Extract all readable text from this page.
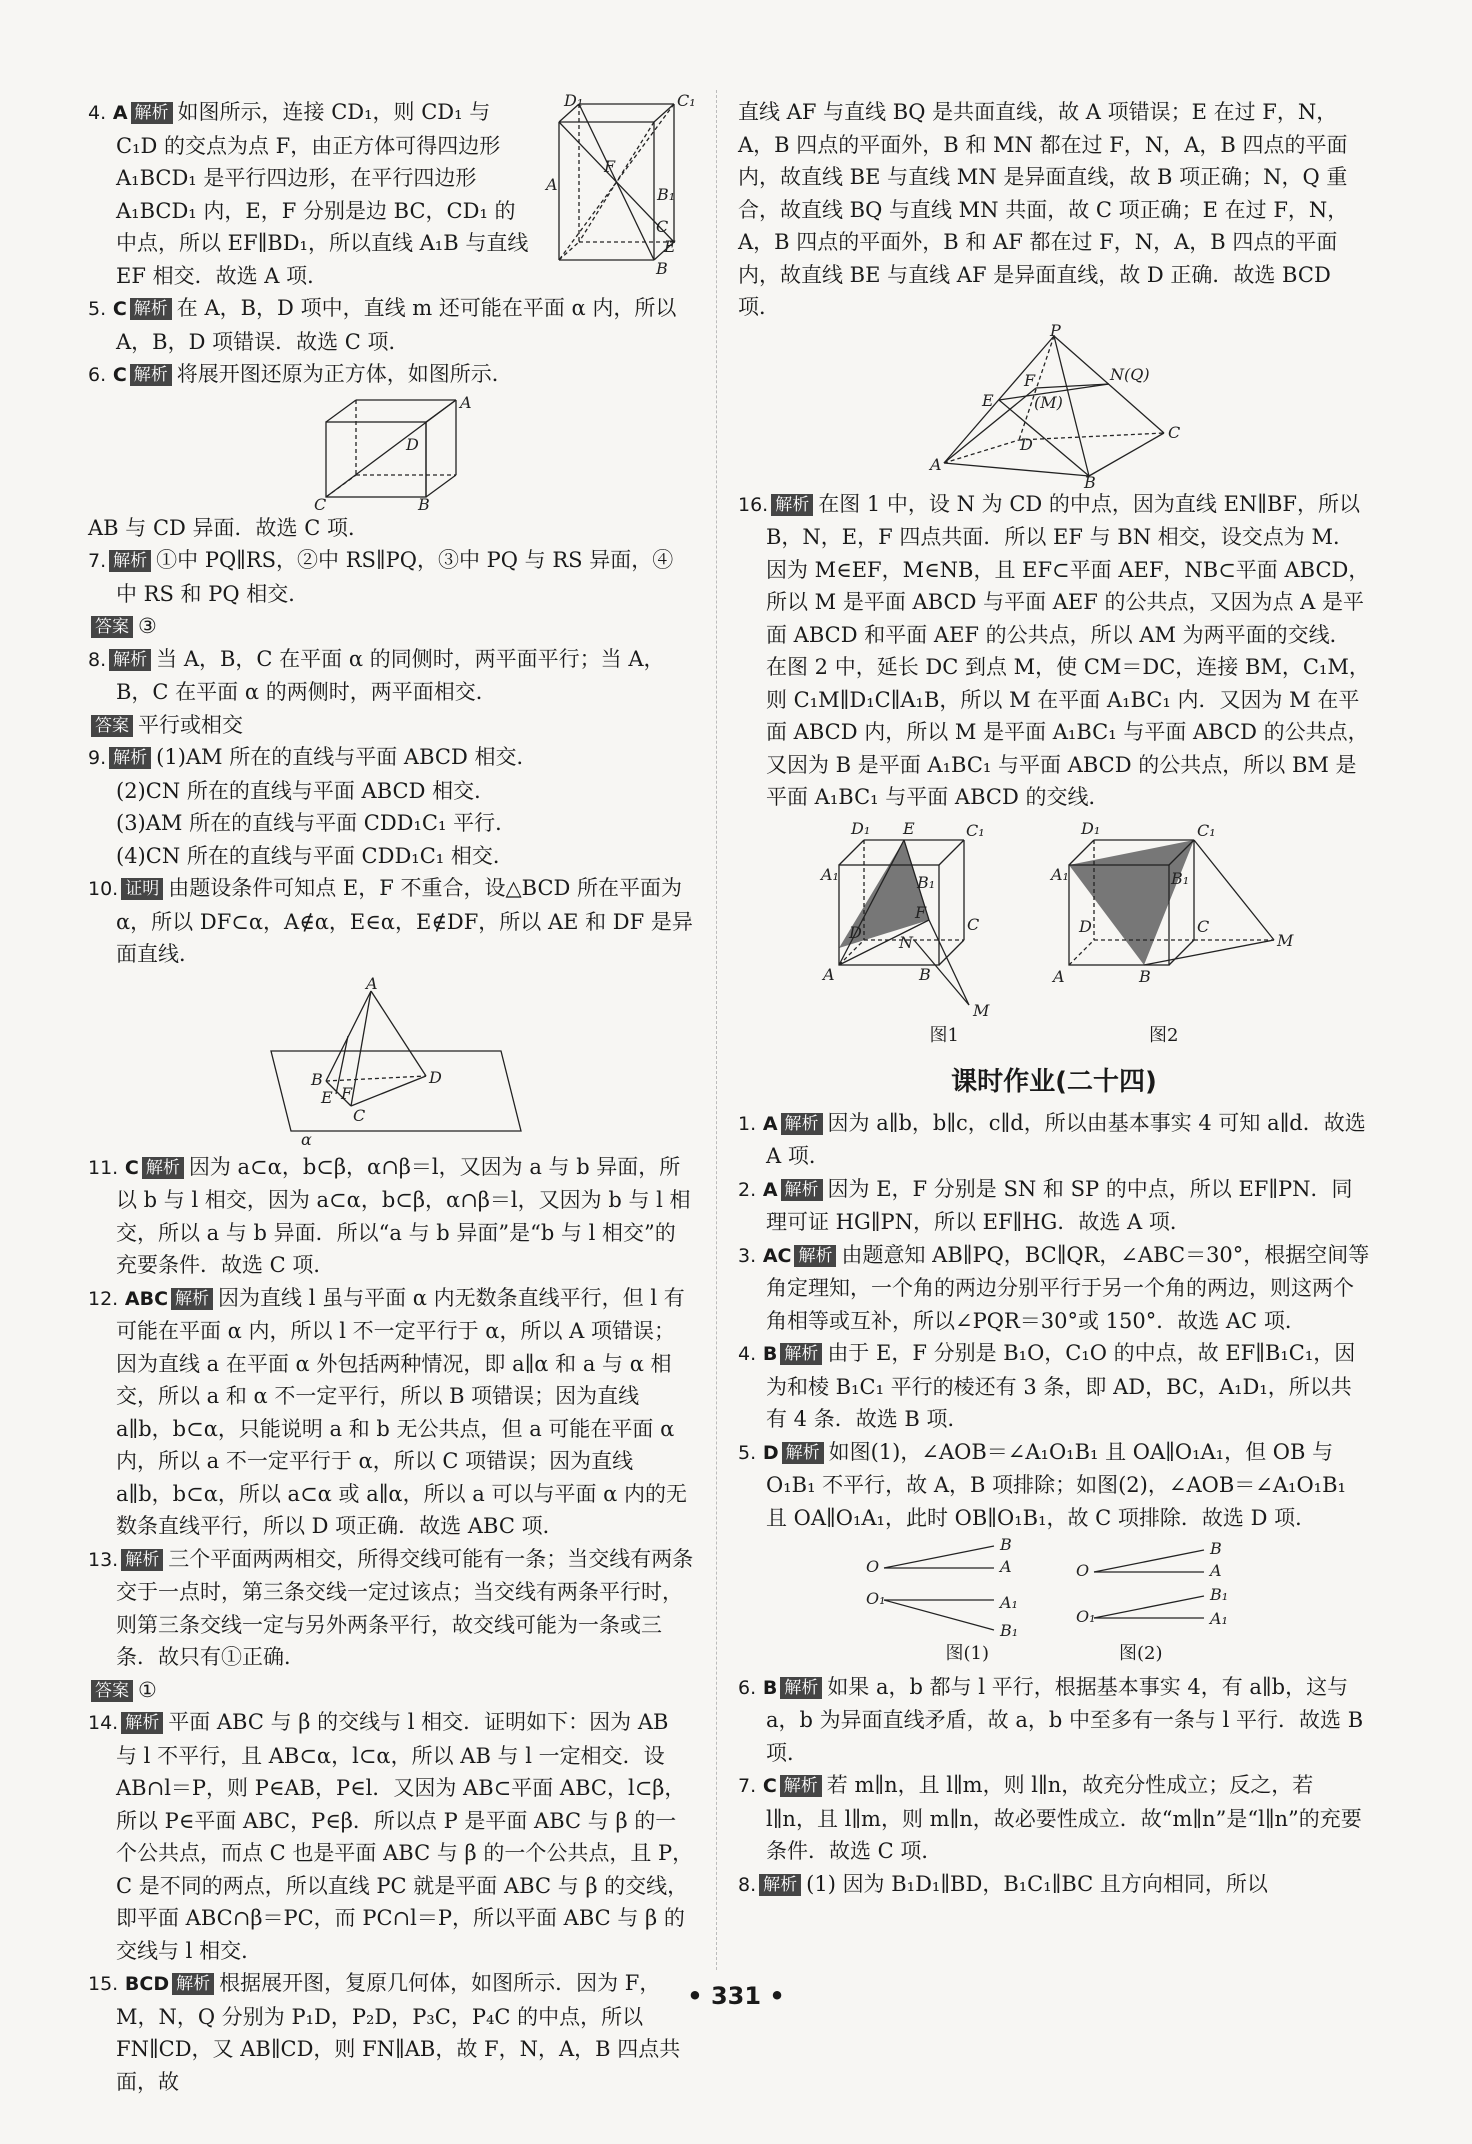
4. A 解析 如图所示，连接 CD₁，则 CD₁ 与 C₁D 的交点为点 F，由正方体可得四边形 A₁BCD₁ 是平行四边形，在平行四边形 A₁BCD₁ 内，E，F 分别是边 BC，CD₁ 的中点，所以 EF∥BD₁，所以直线 A₁B 与直线 EF 相交．故选 A 项．

D₁	C₁
A
B₁
F
C
B
E

5. C 解析 在 A，B，D 项中，直线 m 还可能在平面 α 内，所以 A，B，D 项错误．故选 C 项．

6. C 解析 将展开图还原为正方体，如图所示．

A
D
C	B

AB 与 CD 异面．故选 C 项．

7. 解析 ①中 PQ∥RS，②中 RS∥PQ，③中 PQ 与 RS 异面，④中 RS 和 PQ 相交．

答案 ③

8. 解析 当 A，B，C 在平面 α 的同侧时，两平面平行；当 A，B，C 在平面 α 的两侧时，两平面相交．

答案 平行或相交

9. 解析 (1)AM 所在的直线与平面 ABCD 相交．
(2)CN 所在的直线与平面 ABCD 相交．
(3)AM 所在的直线与平面 CDD₁C₁ 平行．
(4)CN 所在的直线与平面 CDD₁C₁ 相交．

10. 证明 由题设条件可知点 E，F 不重合，设△BCD 所在平面为 α，所以 DF⊂α，A∉α，E∈α，E∉DF，所以 AE 和 DF 是异面直线．

A
B	D
C
E F
α

11. C 解析 因为 a⊂α，b⊂β，α∩β＝l，又因为 a 与 b 异面，所以 b 与 l 相交，因为 a⊂α，b⊂β，α∩β＝l，又因为 b 与 l 相交，所以 a 与 b 异面．所以“a 与 b 异面”是“b 与 l 相交”的充要条件．故选 C 项．

12. ABC 解析 因为直线 l 虽与平面 α 内无数条直线平行，但 l 有可能在平面 α 内，所以 l 不一定平行于 α，所以 A 项错误；因为直线 a 在平面 α 外包括两种情况，即 a∥α 和 a 与 α 相交，所以 a 和 α 不一定平行，所以 B 项错误；因为直线 a∥b，b⊂α，只能说明 a 和 b 无公共点，但 a 可能在平面 α 内，所以 a 不一定平行于 α，所以 C 项错误；因为直线 a∥b，b⊂α，所以 a⊂α 或 a∥α，所以 a 可以与平面 α 内的无数条直线平行，所以 D 项正确．故选 ABC 项．

13. 解析 三个平面两两相交，所得交线可能有一条；当交线有两条交于一点时，第三条交线一定过该点；当交线有两条平行时，则第三条交线一定与另外两条平行，故交线可能为一条或三条．故只有①正确．

答案 ①

14. 解析 平面 ABC 与 β 的交线与 l 相交．证明如下：因为 AB 与 l 不平行，且 AB⊂α，l⊂α，所以 AB 与 l 一定相交．设 AB∩l＝P，则 P∈AB，P∈l．又因为 AB⊂平面 ABC，l⊂β，所以 P∈平面 ABC，P∈β．所以点 P 是平面 ABC 与 β 的一个公共点，而点 C 也是平面 ABC 与 β 的一个公共点，且 P，C 是不同的两点，所以直线 PC 就是平面 ABC 与 β 的交线，即平面 ABC∩β＝PC，而 PC∩l＝P，所以平面 ABC 与 β 的交线与 l 相交．

15. BCD 解析 根据展开图，复原几何体，如图所示．因为 F，M，N，Q 分别为 P₁D，P₂D，P₃C，P₄C 的中点，所以 FN∥CD，又 AB∥CD，则 FN∥AB，故 F，N，A，B 四点共面，故

直线 AF 与直线 BQ 是共面直线，故 A 项错误；E 在过 F，N，A，B 四点的平面外，B 和 MN 都在过 F，N，A，B 四点的平面内，故直线 BE 与直线 MN 是异面直线，故 B 项正确；N，Q 重合，故直线 BQ 与直线 MN 共面，故 C 项正确；E 在过 F，N，A，B 四点的平面外，B 和 AF 都在过 F，N，A，B 四点的平面内，故直线 BE 与直线 AF 是异面直线，故 D 正确．故选 BCD 项．

P
F	N(Q)
(M)
E
D
C
A
B

16. 解析 在图 1 中，设 N 为 CD 的中点，因为直线 EN∥BF，所以 B，N，E，F 四点共面．所以 EF 与 BN 相交，设交点为 M．因为 M∈EF，M∈NB，且 EF⊂平面 AEF，NB⊂平面 ABCD，所以 M 是平面 ABCD 与平面 AEF 的公共点，又因为点 A 是平面 ABCD 和平面 AEF 的公共点，所以 AM 为两平面的交线．
在图 2 中，延长 DC 到点 M，使 CM＝DC，连接 BM，C₁M，则 C₁M∥D₁C∥A₁B，所以 M 在平面 A₁BC₁ 内．又因为 M 在平面 ABCD 内，所以 M 是平面 A₁BC₁ 与平面 ABCD 的公共点，又因为 B 是平面 A₁BC₁ 与平面 ABCD 的公共点，所以 BM 是平面 A₁BC₁ 与平面 ABCD 的交线．

D₁ E	C₁
A₁	B₁
F
C
D
N
A	B
M
D₁	C₁
A₁	B₁
D	C
A	B
M
图1	图2
课时作业(二十四)

1. A 解析 因为 a∥b，b∥c，c∥d，所以由基本事实 4 可知 a∥d．故选 A 项．

2. A 解析 因为 E，F 分别是 SN 和 SP 的中点，所以 EF∥PN．同理可证 HG∥PN，所以 EF∥HG．故选 A 项．

3. AC 解析 由题意知 AB∥PQ，BC∥QR，∠ABC＝30°，根据空间等角定理知，一个角的两边分别平行于另一个角的两边，则这两个角相等或互补，所以∠PQR＝30°或 150°．故选 AC 项．

4. B 解析 由于 E，F 分别是 B₁O，C₁O 的中点，故 EF∥B₁C₁，因为和棱 B₁C₁ 平行的棱还有 3 条，即 AD，BC，A₁D₁，所以共有 4 条．故选 B 项．

5. D 解析 如图(1)，∠AOB＝∠A₁O₁B₁ 且 OA∥O₁A₁，但 OB 与 O₁B₁ 不平行，故 A，B 项排除；如图(2)，∠AOB＝∠A₁O₁B₁ 且 OA∥O₁A₁，此时 OB∥O₁B₁，故 C 项排除．故选 D 项．

O
B
A
O₁	A₁
B₁
O
B
A
O₁
B₁
A₁
图(1)	图(2)

6. B 解析 如果 a，b 都与 l 平行，根据基本事实 4，有 a∥b，这与 a，b 为异面直线矛盾，故 a，b 中至多有一条与 l 平行．故选 B 项．

7. C 解析 若 m∥n，且 l∥m，则 l∥n，故充分性成立；反之，若 l∥n，且 l∥m，则 m∥n，故必要性成立．故“m∥n”是“l∥n”的充要条件．故选 C 项．

8. 解析 (1) 因为 B₁D₁∥BD，B₁C₁∥BC 且方向相同，所以

• 331 •
